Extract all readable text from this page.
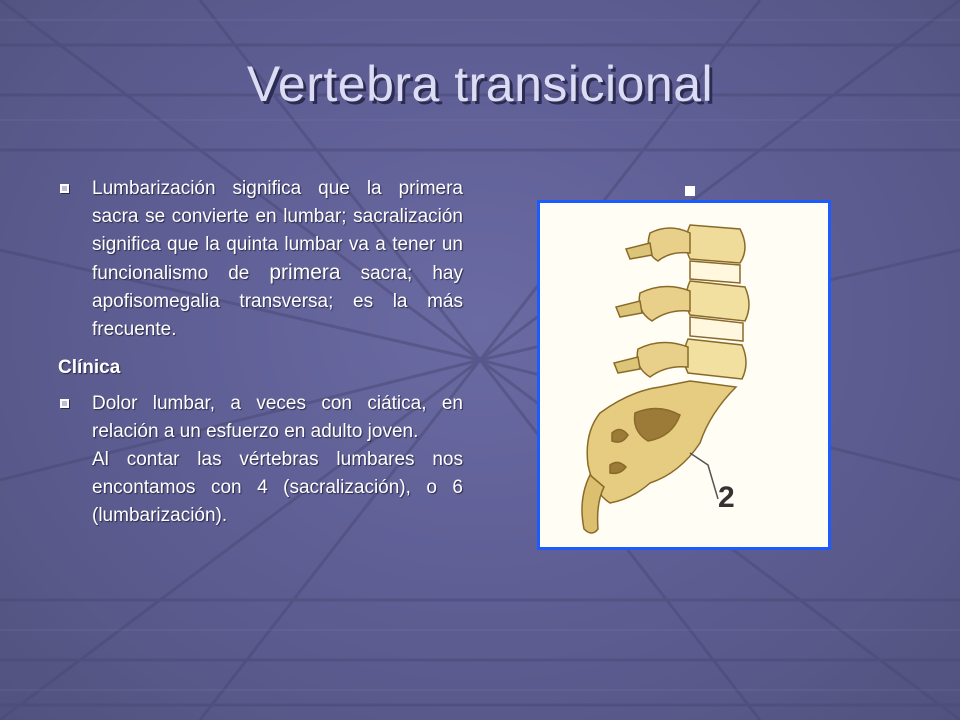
Vertebra transicional

Lumbarización significa que la primera sacra se convierte en lumbar; sacralización significa que la quinta lumbar va a tener un funcionalismo de primera sacra; hay apofisomegalia transversa; es la más frecuente.

Clínica

Dolor lumbar, a veces con ciática, en relación a un esfuerzo en adulto joven.
Al contar las vértebras lumbares nos encontamos con 4 (sacralización), o 6 (lumbarización).

2
